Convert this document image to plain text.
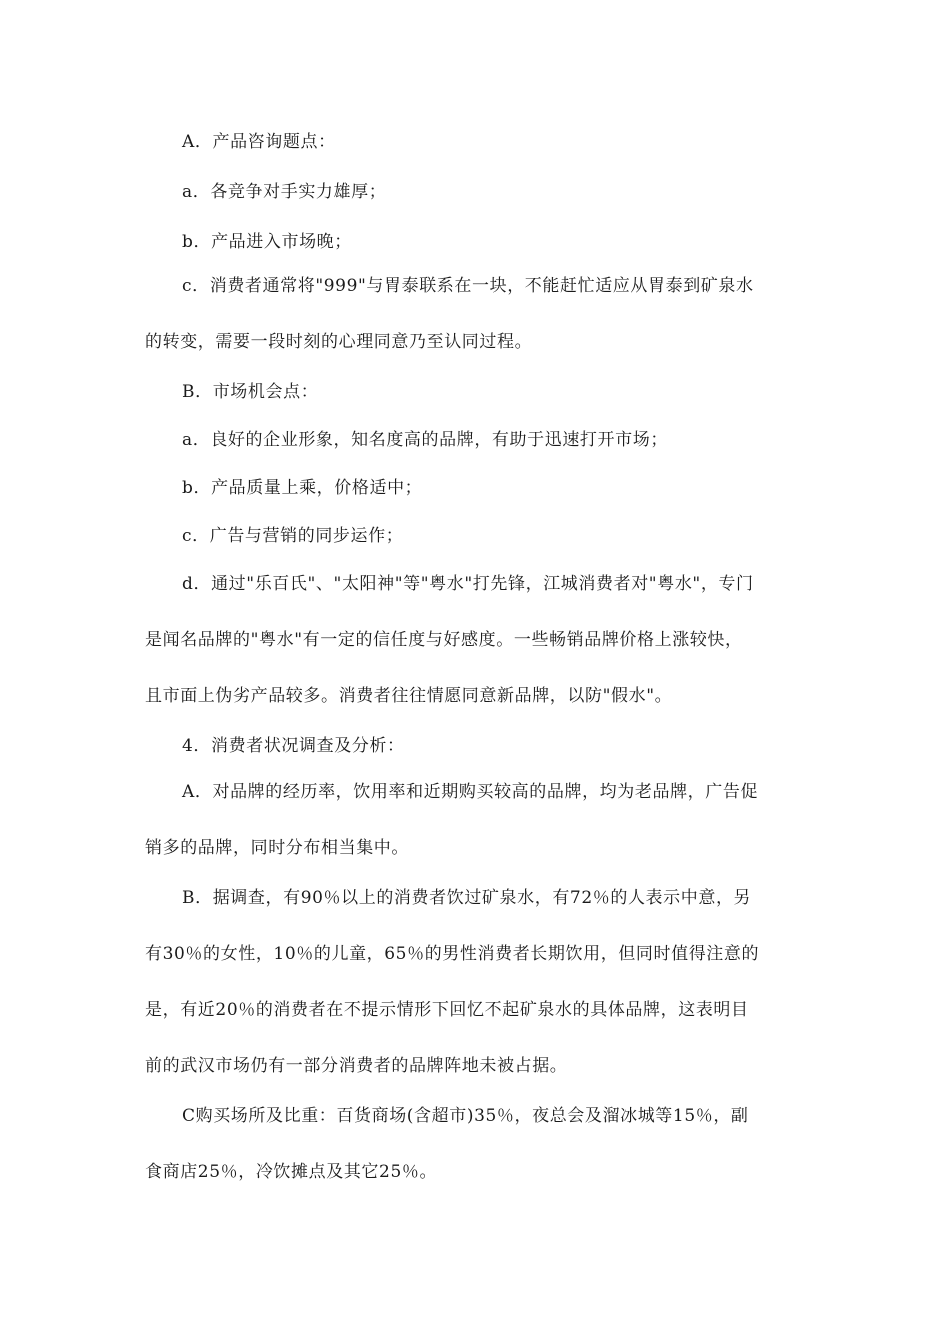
A．产品咨询题点：
a．各竞争对手实力雄厚；
b．产品进入市场晚；
c．消费者通常将"999"与胃泰联系在一块，不能赶忙适应从胃泰到矿泉水
的转变，需要一段时刻的心理同意乃至认同过程。
B．市场机会点：
a．良好的企业形象，知名度高的品牌，有助于迅速打开市场；
b．产品质量上乘，价格适中；
c．广告与营销的同步运作；
d．通过"乐百氏"、"太阳神"等"粤水"打先锋，江城消费者对"粤水"，专门
是闻名品牌的"粤水"有一定的信任度与好感度。一些畅销品牌价格上涨较快，
且市面上伪劣产品较多。消费者往往情愿同意新品牌，以防"假水"。
4．消费者状况调查及分析：
A．对品牌的经历率，饮用率和近期购买较高的品牌，均为老品牌，广告促
销多的品牌，同时分布相当集中。
B．据调查，有90％以上的消费者饮过矿泉水，有72％的人表示中意，另
有30％的女性，10％的儿童，65％的男性消费者长期饮用，但同时值得注意的
是，有近20％的消费者在不提示情形下回忆不起矿泉水的具体品牌，这表明目
前的武汉市场仍有一部分消费者的品牌阵地未被占据。
C购买场所及比重：百货商场(含超市)35％，夜总会及溜冰城等15％，副
食商店25％，冷饮摊点及其它25％。
